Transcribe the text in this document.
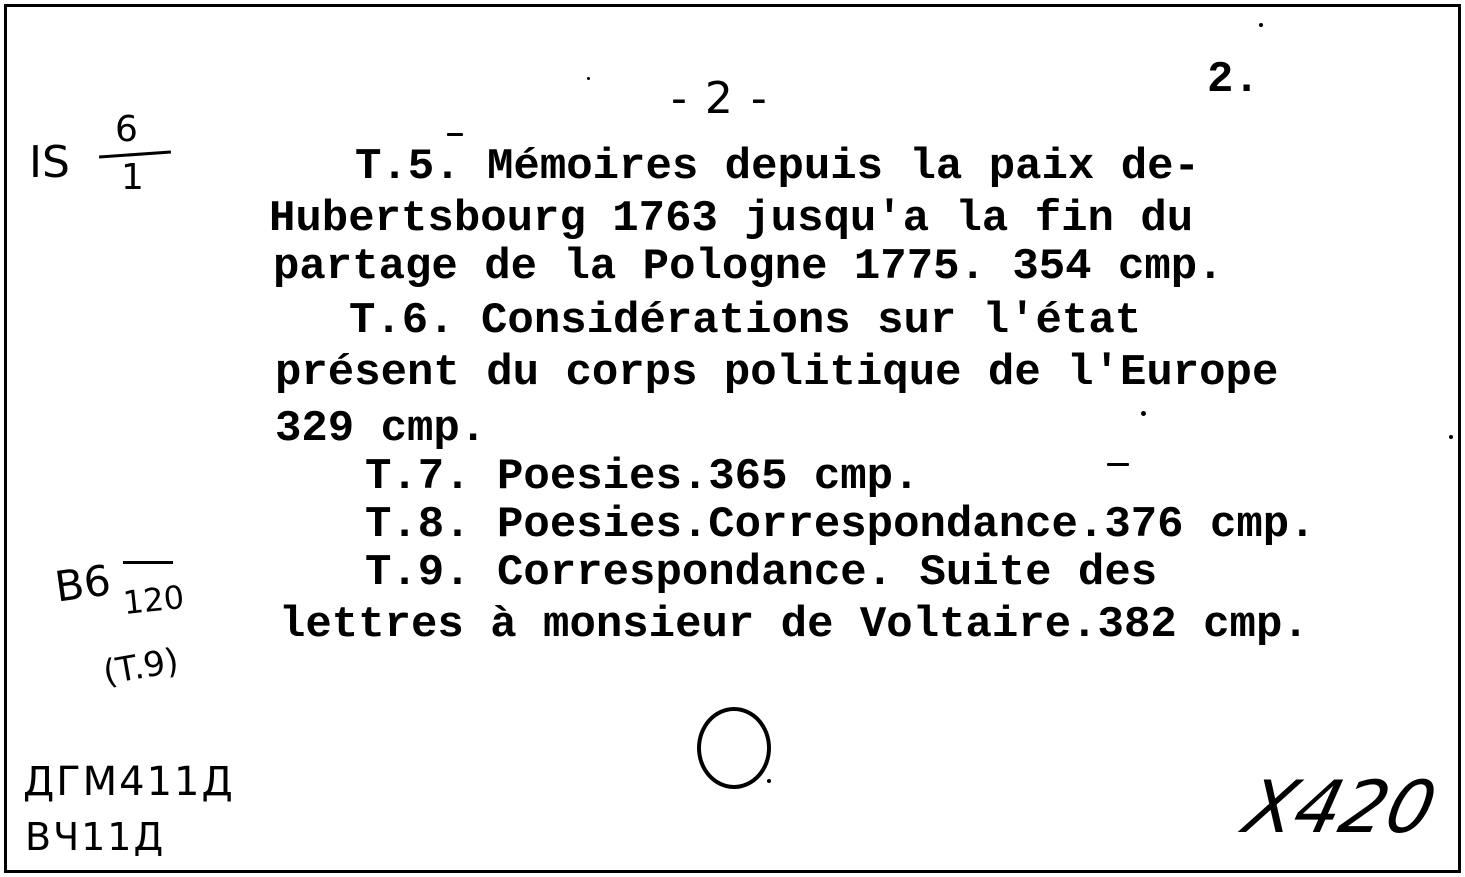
-2-	2.
IS
6
1
B6 120
(T.9)
ДГМ411Д
ВЧ11Д	X420
T.5. Mémoires depuis la paix de-
Hubertsbourg 1763 jusqu'a la fin du
partage de la Pologne 1775. 354 cmp.
T.6. Considérations sur l'état
présent du corps politique de l'Europe
329 cmp.
T.7. Poesies.365 cmp.
T.8. Poesies.Correspondance.376 cmp.
T.9. Correspondance. Suite des
lettres à monsieur de Voltaire.382 cmp.
